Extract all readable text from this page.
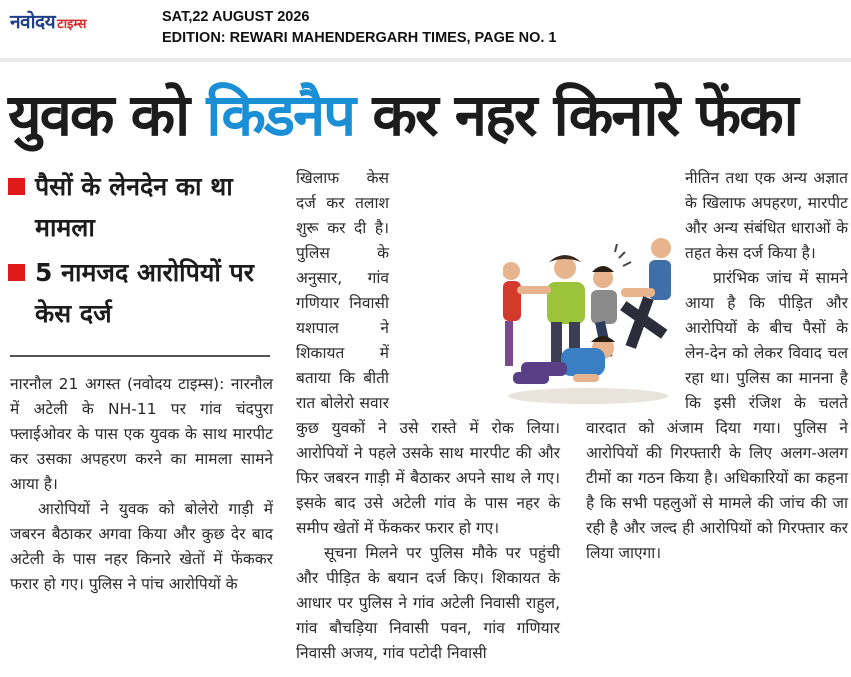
नवोदय टाइम्स	SAT,22 AUGUST 2026
EDITION: REWARI MAHENDERGARH TIMES, PAGE NO. 1
युवक को किडनैप कर नहर किनारे फेंका
पैसों के लेनदेन का था मामला
5 नामजद आरोपियों पर केस दर्ज

नारनौल 21 अगस्त (नवोदय टाइम्स): नारनौल में अटेली के NH-11 पर गांव चंदपुरा फ्लाईओवर के पास एक युवक के साथ मारपीट कर उसका अपहरण करने का मामला सामने आया है।

आरोपियों ने युवक को बोलेरो गाड़ी में जबरन बैठाकर अगवा किया और कुछ देर बाद अटेली के पास नहर किनारे खेतों में फेंककर फरार हो गए। पुलिस ने पांच आरोपियों के

खिलाफ केस दर्ज कर तलाश शुरू कर दी है। पुलिस के अनुसार, गांव गणियार निवासी यशपाल ने शिकायत में बताया कि बीती रात बोलेरो सवार कुछ युवकों ने उसे रास्ते में रोक लिया। आरोपियों ने पहले उसके साथ मारपीट की और फिर जबरन गाड़ी में बैठाकर अपने साथ ले गए। इसके बाद उसे अटेली गांव के पास नहर के समीप खेतों में फेंककर फरार हो गए।

सूचना मिलने पर पुलिस मौके पर पहुंची और पीड़ित के बयान दर्ज किए। शिकायत के आधार पर पुलिस ने गांव अटेली निवासी राहुल, गांव बौचड़िया निवासी पवन, गांव गणियार निवासी अजय, गांव पटोदी निवासी

नीतिन तथा एक अन्य अज्ञात के खिलाफ अपहरण, मारपीट और अन्य संबंधित धाराओं के तहत केस दर्ज किया है।

प्रारंभिक जांच में सामने आया है कि पीड़ित और आरोपियों के बीच पैसों के लेन-देन को लेकर विवाद चल रहा था। पुलिस का मानना है कि इसी रंजिश के चलते वारदात को अंजाम दिया गया। पुलिस ने आरोपियों की गिरफ्तारी के लिए अलग-अलग टीमों का गठन किया है। अधिकारियों का कहना है कि सभी पहलुओं से मामले की जांच की जा रही है और जल्द ही आरोपियों को गिरफ्तार कर लिया जाएगा।
